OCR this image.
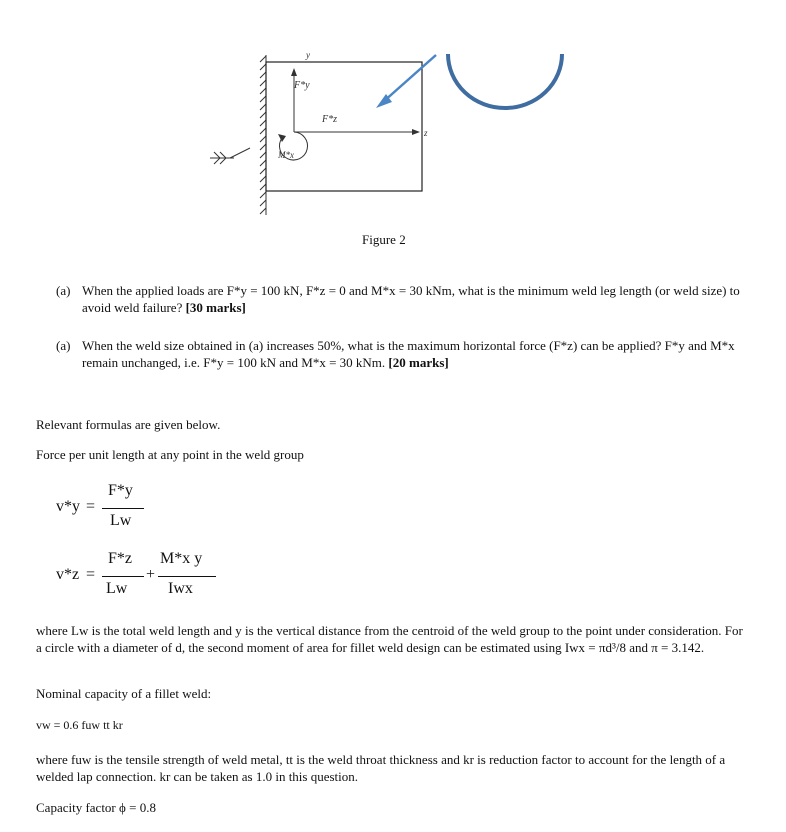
y
F*y
z
F*z
M*x
Figure 2
(a) When the applied loads are F*y = 100 kN, F*z = 0 and M*x = 30 kNm, what is the minimum weld leg length (or weld size) to avoid weld failure? [30 marks]
(a) When the weld size obtained in (a) increases 50%, what is the maximum horizontal force (F*z) can be applied? F*y and M*x remain unchanged, i.e. F*y = 100 kN and M*x = 30 kNm. [20 marks]
Relevant formulas are given below.
Force per unit length at any point in the weld group
v*y =
F*y
Lw
v*z =
F*z
Lw
+
M*x y
Iwx
where Lw is the total weld length and y is the vertical distance from the centroid of the weld group to the point under consideration. For a circle with a diameter of d, the second moment of area for fillet weld design can be estimated using Iwx = πd³/8 and π = 3.142.
Nominal capacity of a fillet weld:
vw = 0.6 fuw tt kr
where fuw is the tensile strength of weld metal, tt is the weld throat thickness and kr is reduction factor to account for the length of a welded lap connection. kr can be taken as 1.0 in this question.
Capacity factor ϕ = 0.8
